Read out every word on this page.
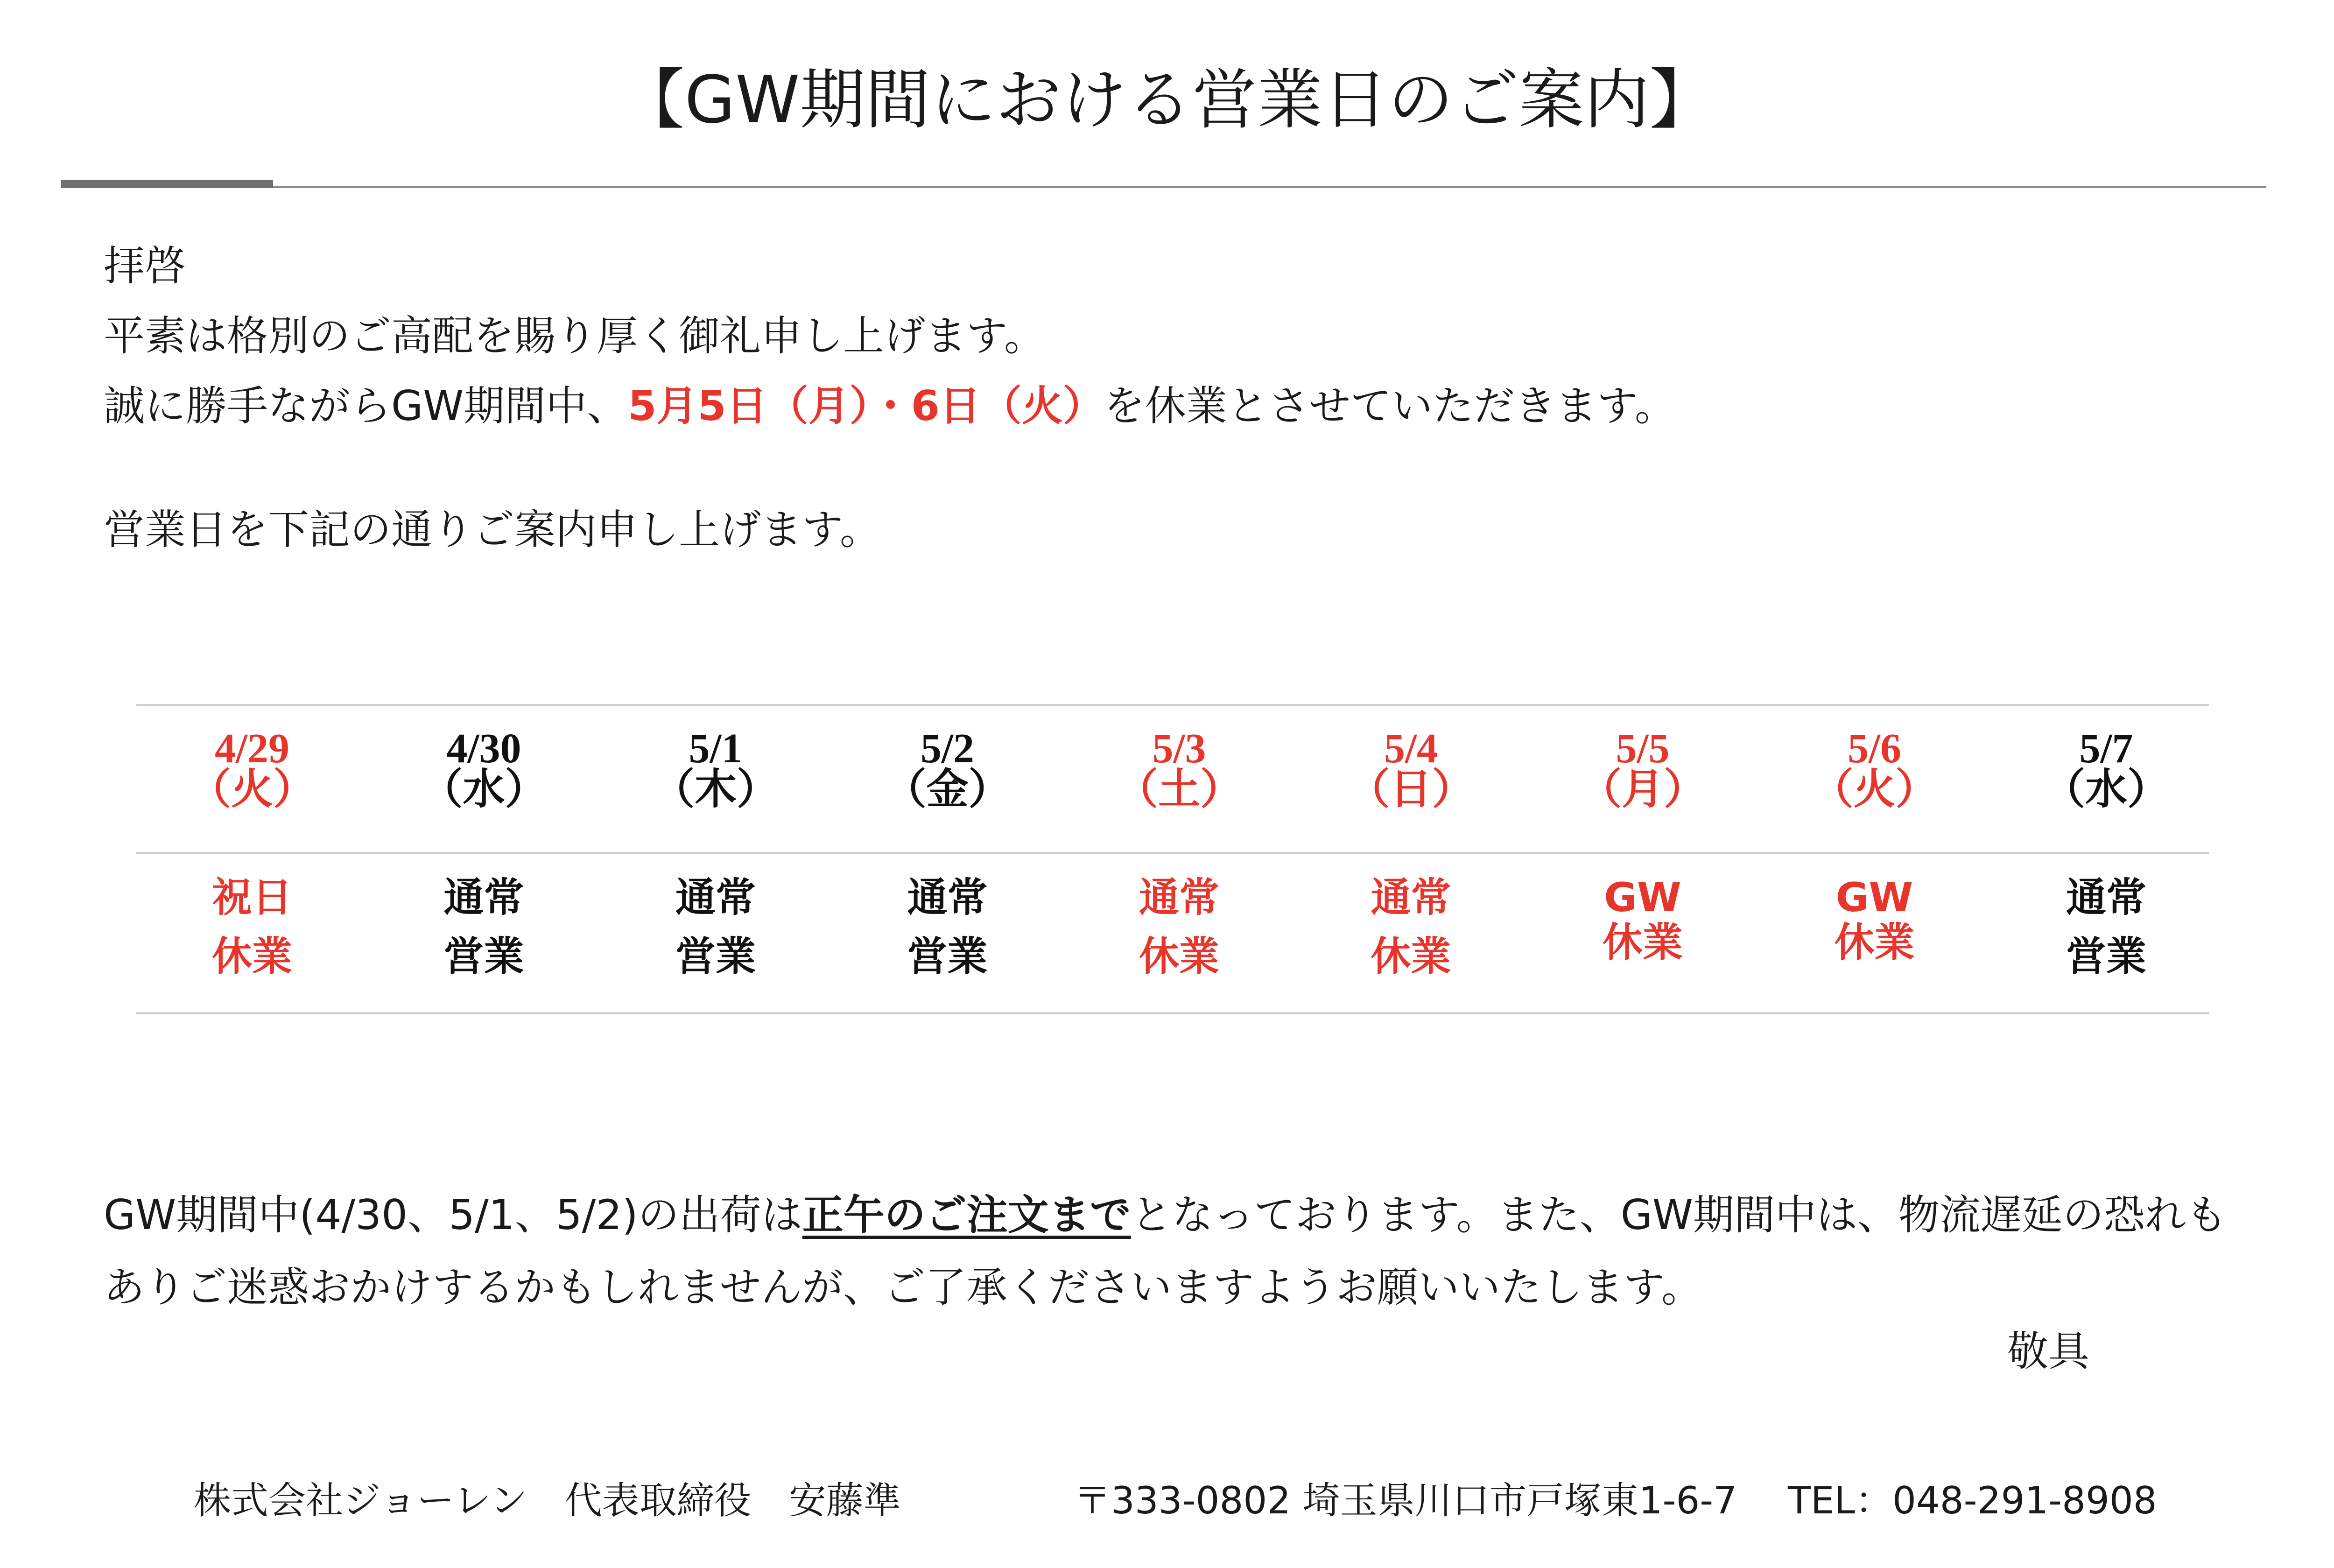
【GW期間における営業日のご案内】
拝啓
平素は格別のご高配を賜り厚く御礼申し上げます。
誠に勝手ながらGW期間中、5月5日（月）・6日（火）を休業とさせていただきます。
営業日を下記の通りご案内申し上げます。
4/29
（火）
祝日
休業
4/30
（水）
通常
営業
5/1
（木）
通常
営業
5/2
（金）
通常
営業
5/3
（土）
通常
休業
5/4
（日）
通常
休業
5/5
（月）
GW
休業
5/6
（火）
GW
休業
5/7
（水）
通常
営業
GW期間中(4/30、5/1、5/2)の出荷は正午のご注文までとなっております。また、GW期間中は、物流遅延の恐れもありご迷惑おかけするかもしれませんが、ご了承くださいますようお願いいたします。
敬具
株式会社ジョーレン　代表取締役　安藤準	〒333-0802 埼玉県川口市戸塚東1-6-7 TEL：048-291-8908
